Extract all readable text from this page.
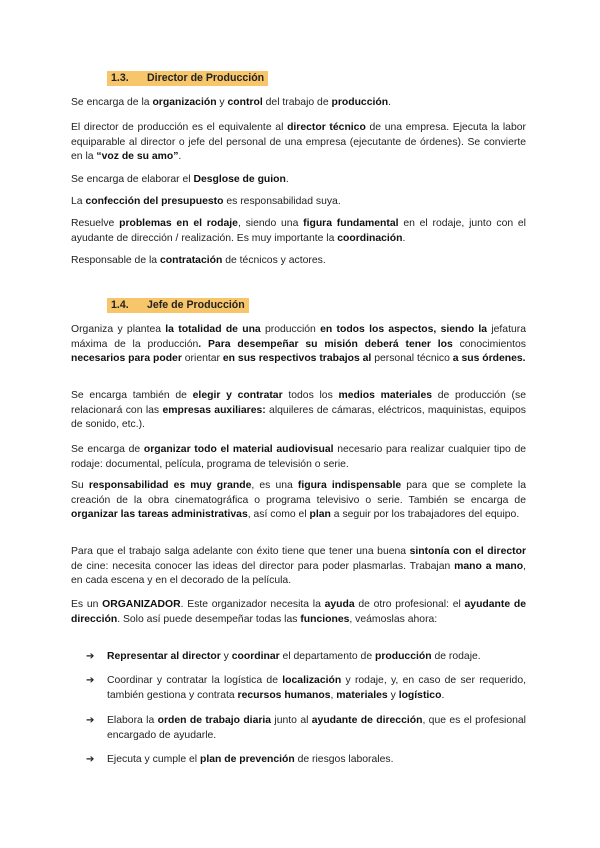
1.3. Director de Producción

Se encarga de la organización y control del trabajo de producción.

El director de producción es el equivalente al director técnico de una empresa. Ejecuta la labor equiparable al director o jefe del personal de una empresa (ejecutante de órdenes). Se convierte en la “voz de su amo”.

Se encarga de elaborar el Desglose de guion.

La confección del presupuesto es responsabilidad suya.

Resuelve problemas en el rodaje, siendo una figura fundamental en el rodaje, junto con el ayudante de dirección / realización. Es muy importante la coordinación.

Responsable de la contratación de técnicos y actores.

1.4. Jefe de Producción

Organiza y plantea la totalidad de una producción en todos los aspectos, siendo la jefatura máxima de la producción. Para desempeñar su misión deberá tener los conocimientos necesarios para poder orientar en sus respectivos trabajos al personal técnico a sus órdenes.

Se encarga también de elegir y contratar todos los medios materiales de producción (se relacionará con las empresas auxiliares: alquileres de cámaras, eléctricos, maquinistas, equipos de sonido, etc.).

Se encarga de organizar todo el material audiovisual necesario para realizar cualquier tipo de rodaje: documental, película, programa de televisión o serie.

Su responsabilidad es muy grande, es una figura indispensable para que se complete la creación de la obra cinematográfica o programa televisivo o serie. También se encarga de organizar las tareas administrativas, así como el plan a seguir por los trabajadores del equipo.

Para que el trabajo salga adelante con éxito tiene que tener una buena sintonía con el director de cine: necesita conocer las ideas del director para poder plasmarlas. Trabajan mano a mano, en cada escena y en el decorado de la película.

Es un ORGANIZADOR. Este organizador necesita la ayuda de otro profesional: el ayudante de dirección. Solo así puede desempeñar todas las funciones, veámoslas ahora:

➔ Representar al director y coordinar el departamento de producción de rodaje.
➔ Coordinar y contratar la logística de localización y rodaje, y, en caso de ser requerido, también gestiona y contrata recursos humanos, materiales y logístico.
➔ Elabora la orden de trabajo diaria junto al ayudante de dirección, que es el profesional encargado de ayudarle.
➔ Ejecuta y cumple el plan de prevención de riesgos laborales.
